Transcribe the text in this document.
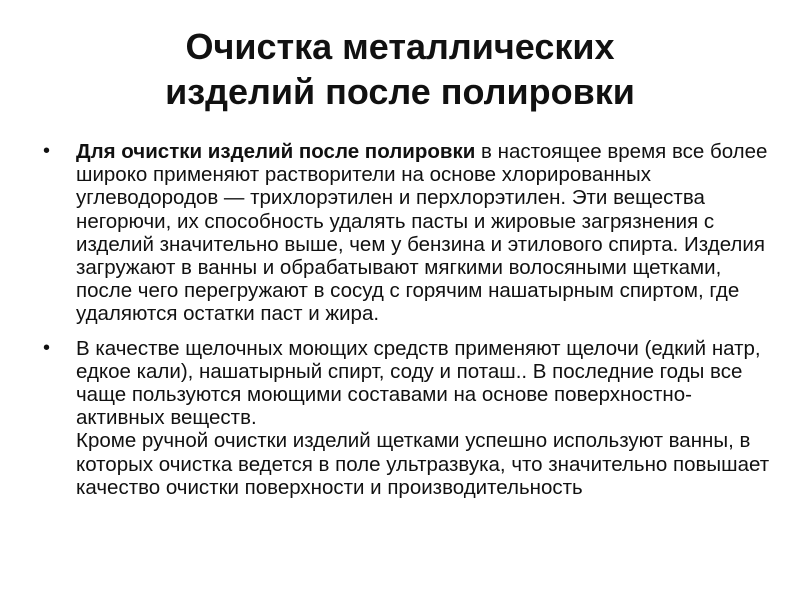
Очистка металлических
изделий после полировки
•	Для очистки изделий после полировки в настоящее время все более широко применяют растворители на основе хлорированных углеводородов — трихлорэтилен и перхлорэтилен. Эти вещества негорючи, их способность удалять пасты и жировые загрязнения с изделий значительно выше, чем у бензина и этилового спирта. Изделия загружают в ванны и обрабатывают мягкими волосяными щетками, после чего перегружают в сосуд с горячим нашатырным спиртом, где удаляются остатки паст и жира.
•	В качестве щелочных моющих средств применяют щелочи (едкий натр, едкое кали), нашатырный спирт, соду и поташ.. В последние годы все чаще пользуются моющими составами на основе поверхностно-активных веществ.
Кроме ручной очистки изделий щетками успешно используют ванны, в которых очистка ведется в поле ультразвука, что значительно повышает качество очистки поверхности и производительность
